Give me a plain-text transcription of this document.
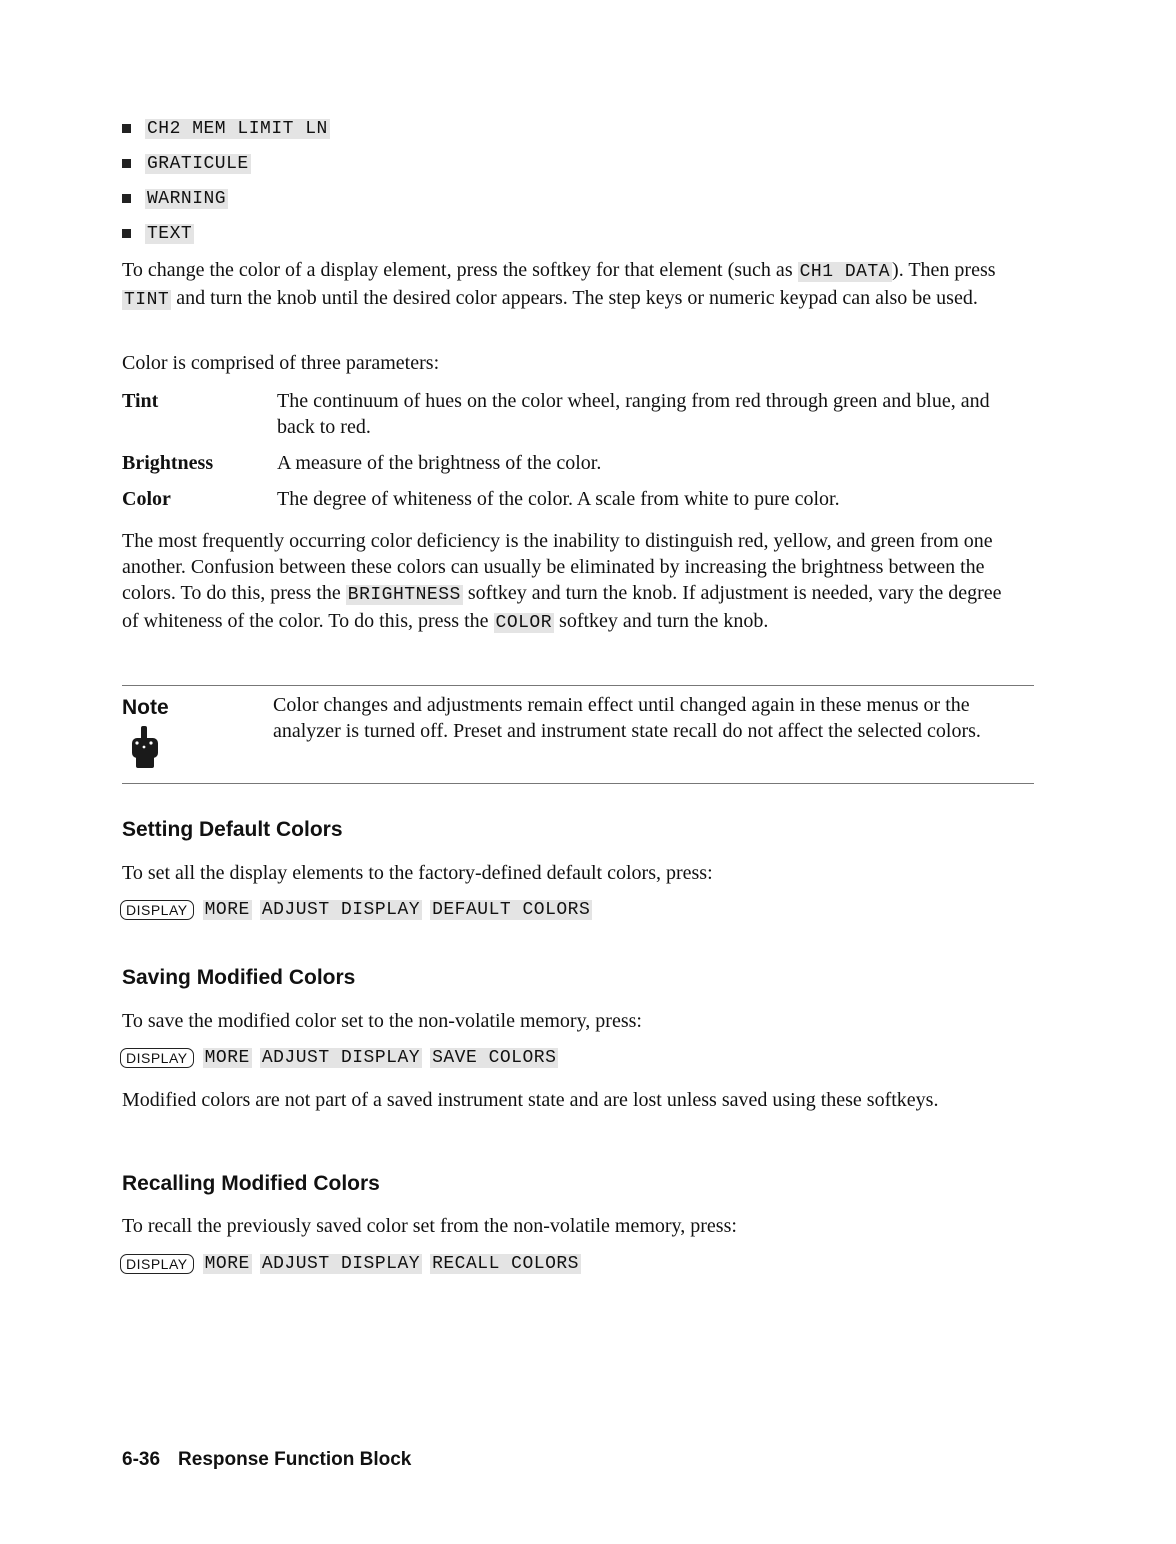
CH2 MEM LIMIT LN
GRATICULE
WARNING
TEXT

To change the color of a display element, press the softkey for that element (such as CH1 DATA ). Then press TINT and turn the knob until the desired color appears. The step keys or numeric keypad can also be used.

Color is comprised of three parameters:

Tint	The continuum of hues on the color wheel, ranging from red through green and blue, and back to red.
Brightness	A measure of the brightness of the color.
Color	The degree of whiteness of the color. A scale from white to pure color.

The most frequently occurring color deficiency is the inability to distinguish red, yellow, and green from one another. Confusion between these colors can usually be eliminated by increasing the brightness between the colors. To do this, press the BRIGHTNESS softkey and turn the knob. If adjustment is needed, vary the degree of whiteness of the color. To do this, press the COLOR softkey and turn the knob.

Note	Color changes and adjustments remain effect until changed again in these menus or the analyzer is turned off. Preset and instrument state recall do not affect the selected colors.
Setting Default Colors

To set all the display elements to the factory-defined default colors, press:

DISPLAY MORE ADJUST DISPLAY DEFAULT COLORS
Saving Modified Colors

To save the modified color set to the non-volatile memory, press:

DISPLAY MORE ADJUST DISPLAY SAVE COLORS

Modified colors are not part of a saved instrument state and are lost unless saved using these softkeys.

Recalling Modified Colors

To recall the previously saved color set from the non-volatile memory, press:

DISPLAY MORE ADJUST DISPLAY RECALL COLORS
6-36 Response Function Block
